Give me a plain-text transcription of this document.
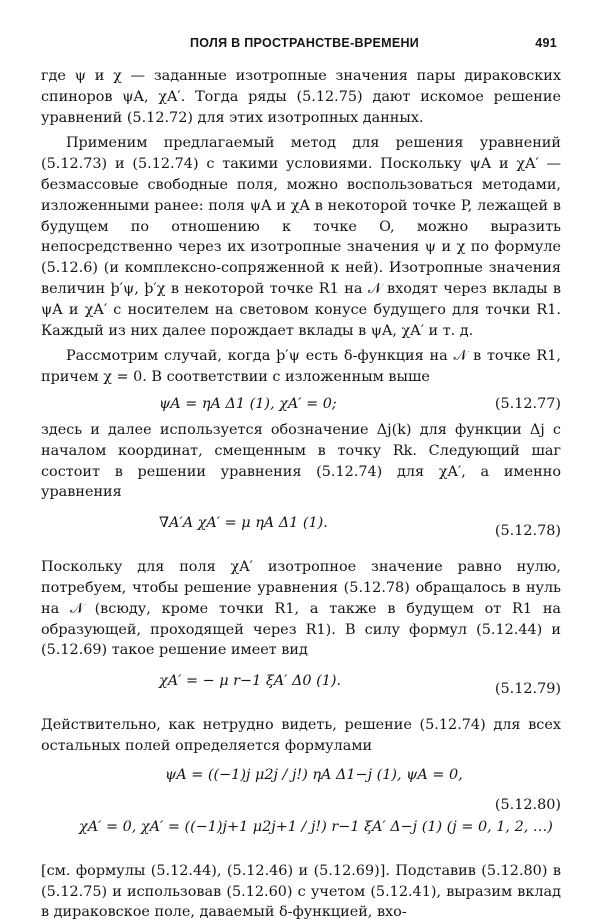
ПОЛЯ В ПРОСТРАНСТВЕ-ВРЕМЕНИ	491

где ψ и χ — заданные изотропные значения пары дираковских спиноров ψA, χA′. Тогда ряды (5.12.75) дают искомое решение уравнений (5.12.72) для этих изотропных данных.

Применим предлагаемый метод для решения уравнений (5.12.73) и (5.12.74) с такими условиями. Поскольку ψA и χA′ — безмассовые свободные поля, можно воспользоваться методами, изложенными ранее: поля ψA и χA в некоторой точке P, лежащей в будущем по отношению к точке O, можно выразить непосредственно через их изотропные значения ψ и χ по формуле (5.12.6) (и комплексно-сопряженной к ней). Изотропные значения величин þ′ψ, þ′χ в некоторой точке R1 на 𝒩 входят через вклады в ψA и χA′ с носителем на световом конусе будущего для точки R1. Каждый из них далее порождает вклады в ψA, χA′ и т. д.

Рассмотрим случай, когда þ′ψ есть δ-функция на 𝒩 в точке R1, причем χ = 0. В соответствии с изложенным выше

ψA = ηA Δ1 (1), χA′ = 0;	(5.12.77)

здесь и далее используется обозначение Δj(k) для функции Δj с началом координат, смещенным в точку Rk. Следующий шаг состоит в решении уравнения (5.12.74) для χA′, а именно уравнения

∇A′A χA′ = μ ηA Δ1 (1).	(5.12.78)

Поскольку для поля χA′ изотропное значение равно нулю, потребуем, чтобы решение уравнения (5.12.78) обращалось в нуль на 𝒩 (всюду, кроме точки R1, а также в будущем от R1 на образующей, проходящей через R1). В силу формул (5.12.44) и (5.12.69) такое решение имеет вид

χA′ = − μ r−1 ξA′ Δ0 (1).	(5.12.79)

Действительно, как нетрудно видеть, решение (5.12.74) для всех остальных полей определяется формулами

ψA = ((−1)j μ2j / j!) ηA Δ1−j (1), ψA = 0,
(5.12.80)
χA′ = 0, χA′ = ((−1)j+1 μ2j+1 / j!) r−1 ξA′ Δ−j (1) (j = 0, 1, 2, …)

[см. формулы (5.12.44), (5.12.46) и (5.12.69)]. Подставив (5.12.80) в (5.12.75) и использовав (5.12.60) с учетом (5.12.41), выразим вклад в дираковское поле, даваемый δ-функцией, вхо-
